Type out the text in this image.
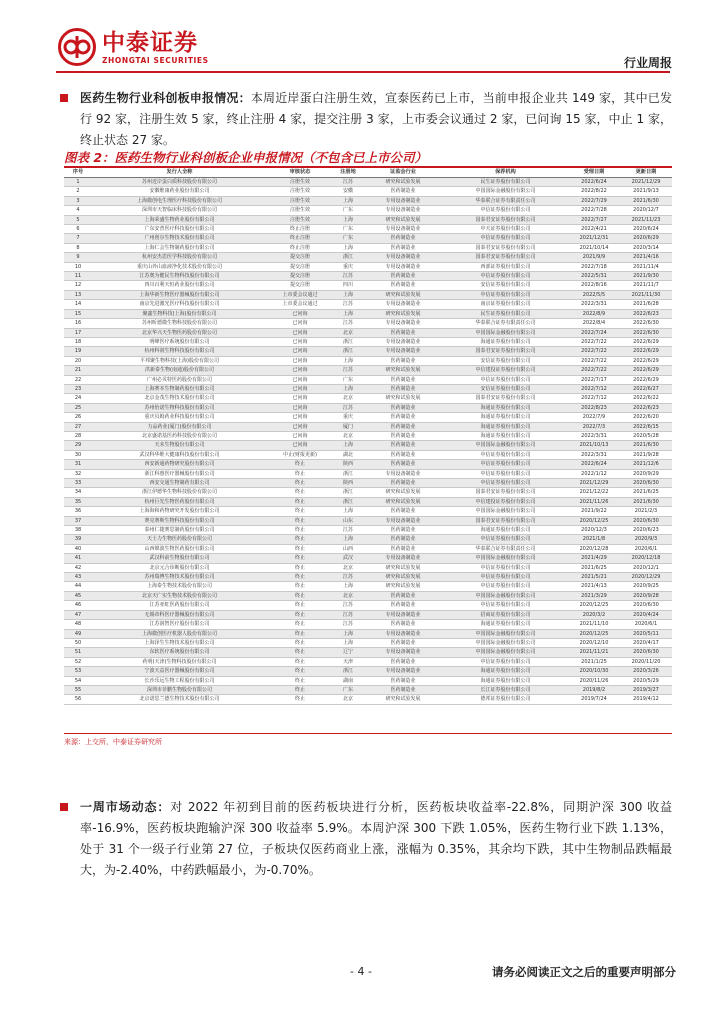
中泰证券
ZHONGTAI SECURITIES	行业周报
医药生物行业科创板申报情况：本周近岸蛋白注册生效，宣泰医药已上市，当前申报企业共 149 家，其中已发行 92 家，注册生效 5 家，终止注册 4 家，提交注册 3 家，上市委会议通过 2 家，已问询 15 家，中止 1 家，终止状态 27 家。
图表 2：医药生物行业科创板企业申报情况（不包含已上市公司）
序号	发行人全称	审核状态	注册地	证监会行业	保荐机构	受理日期	更新日期
1	苏州近岸蛋白质科技股份有限公司	注册生效	江苏	研究和试验发展	民生证券股份有限公司	2022/6/24	2021/12/29
2	安徽维康药业股份有限公司	注册生效	安徽	医药制造业	中国国际金融股份有限公司	2022/8/22	2021/9/13
3	上海微创电生理医疗科技股份有限公司	注册生效	上海	专用设备制造业	华泰联合证券有限责任公司	2022/7/29	2021/6/30
4	深圳市天智临床科技股份有限公司	注册生效	广东	专用设备制造业	中信证券股份有限公司	2022/7/28	2020/12/7
5	上海荣盛生物药业股份有限公司	注册生效	上海	研究和试验发展	国泰君安证券股份有限公司	2022/7/27	2021/11/23
6	广东安普医疗科技股份有限公司	终止注册	广东	专用设备制造业	中天证券股份有限公司	2022/4/21	2020/6/24
7	广州创尔生物技术股份有限公司	终止注册	广东	医药制造业	中信证券股份有限公司	2021/12/31	2020/6/29
8	上海仁会生物制药股份有限公司	终止注册	上海	医药制造业	国泰君安证券股份有限公司	2021/10/14	2020/3/14
9	杭州安杰思医学科技股份有限公司	提交注册	浙江	专用设备制造业	国泰君安证券股份有限公司	2021/9/9	2021/4/16
10	重庆山外山血液净化技术股份有限公司	提交注册	重庆	专用设备制造业	西部证券股份有限公司	2022/7/18	2021/11/4
11	江苏奥为健民生物科技股份有限公司	提交注册	江苏	医药制造业	中信证券股份有限公司	2022/5/31	2021/9/30
12	四川百利天恒药业股份有限公司	提交注册	四川	医药制造业	安信证券股份有限公司	2022/8/16	2021/11/7
13	上海华新生物医疗器械股份有限公司	上市委会议通过	上海	研究和试验发展	中信证券股份有限公司	2022/5/5	2021/11/30
14	南京先进激光医疗科技股份有限公司	上市委会议通过	江苏	专用设备制造业	南京证券股份有限公司	2022/3/31	2021/6/28
15	聚鑫生物科技(上海)股份有限公司	已问询	上海	研究和试验发展	民生证券股份有限公司	2022/8/9	2022/6/23
16	苏州昕德微生物科技股份有限公司	已问询	江苏	专用设备制造业	华泰联合证券有限责任公司	2022/8/4	2022/6/30
17	北京华兴天生物医药股份有限公司	已问询	北京	医药制造业	中国国际金融股份有限公司	2022/7/24	2022/6/30
18	明峰医疗系统股份有限公司	已问询	浙江	专用设备制造业	海通证券股份有限公司	2022/7/22	2022/6/29
19	杭州科润生物科技股份有限公司	已问询	浙江	专用设备制造业	国泰君安证券股份有限公司	2022/7/22	2022/6/29
20	平邦聚生物科技(上海)股份有限公司	已问询	上海	医药制造业	安信证券股份有限公司	2022/7/22	2022/6/29
21	洪新泰生物(南通)股份有限公司	已问询	江苏	研究和试验发展	中信建投证券股份有限公司	2022/7/22	2022/6/29
22	广州必贝特医药股份有限公司	已问询	广东	医药制造业	中信证券股份有限公司	2022/7/17	2022/6/29
23	上海赛本生物制药股份有限公司	已问询	上海	医药制造业	安信证券股份有限公司	2022/7/12	2022/6/27
24	北京金茂生物技术股份有限公司	已问询	北京	研究和试验发展	国泰君安证券股份有限公司	2022/7/12	2022/6/22
25	苏州怡诺生物科技股份有限公司	已问询	江苏	医药制造业	海通证券股份有限公司	2022/8/23	2022/6/23
26	重庆贝姆药业科技股份有限公司	已问询	重庆	医药制造业	海通证券股份有限公司	2022/7/9	2022/6/20
27	力品药业(厦门)股份有限公司	已问询	厦门	医药制造业	海通证券股份有限公司	2022/7/3	2022/6/15
28	北京盛诺基医药科技股份有限公司	已问询	北京	医药制造业	海通证券股份有限公司	2022/3/31	2020/5/28
29	天未生物股份有限公司	已问询	上海	医药制造业	中国国际金融股份有限公司	2021/10/13	2021/6/30
30	武汉科华维大健康科技股份有限公司	中止(财报更新)	湖北	医药制造业	中信证券股份有限公司	2022/3/31	2021/9/28
31	西安新通药物研究股份有限公司	终止	陕西	医药制造业	中信证券股份有限公司	2022/6/24	2021/12/6
32	浙江科惠医疗器械股份有限公司	终止	浙江	专用设备制造业	中信证券股份有限公司	2022/1/12	2020/9/29
33	西安交通生物制药有限公司	终止	陕西	医药制造业	中信证券股份有限公司	2021/12/29	2020/6/30
34	浙江伊德华生物科技股份有限公司	终止	浙江	研究和试验发展	国泰君安证券股份有限公司	2021/12/22	2021/6/25
35	杭州巨先生物医药股份有限公司	终止	浙江	研究和试验发展	中信建投证券股份有限公司	2021/11/26	2021/6/30
36	上海海和药物研究开发股份有限公司	终止	上海	医药制造业	中国国际金融股份有限公司	2021/9/22	2021/2/3
37	赛克赛斯生物科技股份有限公司	终止	山东	专用设备制造业	国泰君安证券股份有限公司	2020/12/25	2020/6/30
38	泰州仁捷赛思制药股份有限公司	终止	江苏	医药制造业	海通证券股份有限公司	2020/12/3	2020/6/23
39	天士力生物医药股份有限公司	终止	上海	医药制造业	中信证券股份有限公司	2021/1/8	2020/9/3
40	山西锦波生物医药股份有限公司	终止	山西	医药制造业	华泰联合证券有限责任公司	2020/12/28	2020/6/1
41	武汉科前生物股份有限公司	终止	武汉	专用设备制造业	中国国际金融股份有限公司	2021/4/29	2020/12/18
42	北京元合诊断股份有限公司	终止	北京	研究和试验发展	中信证券股份有限公司	2021/6/25	2020/12/1
43	苏州瑞博生物技术股份有限公司	终止	江苏	研究和试验发展	中信证券股份有限公司	2021/5/21	2020/12/29
44	上海泰生物技术股份有限公司	终止	上海	研究和试验发展	中信证券股份有限公司	2021/4/13	2020/9/25
45	北京天广实生物技术股份有限公司	终止	北京	医药制造业	中国国际金融股份有限公司	2021/3/29	2020/9/28
46	江苏亚虹医药股份有限公司	终止	江苏	医药制造业	中信证券股份有限公司	2020/12/25	2020/6/30
47	无锡帝科医疗器械股份有限公司	终止	江苏	专用设备制造业	招商证券股份有限公司	2020/3/2	2020/4/24
48	江苏润智医疗股份有限公司	终止	江苏	医药制造业	海通证券股份有限公司	2021/11/10	2020/6/1
49	上海微创医疗机器人股份有限公司	终止	上海	专用设备制造业	中国国际金融股份有限公司	2020/12/25	2020/5/11
50	上海泽生生物技术股份有限公司	终止	上海	医药制造业	中国国际金融股份有限公司	2020/12/10	2020/4/17
51	东软医疗系统股份有限公司	终止	辽宁	专用设备制造业	中国国际金融股份有限公司	2021/11/21	2020/6/30
52	药明(天津)生物科技股份有限公司	终止	天津	医药制造业	中信证券股份有限公司	2021/1/25	2020/11/20
53	宁波天益医疗器械股份有限公司	终止	浙江	专用设备制造业	海通证券股份有限公司	2020/10/30	2020/3/26
54	长沙乐远生物工程股份有限公司	终止	湖南	医药制造业	海通证券股份有限公司	2020/11/26	2020/5/29
55	深圳市菲鹏生物股份有限公司	终止	广东	医药制造业	长江证券股份有限公司	2019/8/2	2019/3/27
56	北京诺思兰德生物技术股份有限公司	终止	北京	研究和试验发展	德邦证券股份有限公司	2019/7/24	2019/4/12
来源：上交所，中泰证券研究所
一周市场动态：对 2022 年初到目前的医药板块进行分析，医药板块收益率-22.8%，同期沪深 300 收益率-16.9%，医药板块跑输沪深 300 收益率 5.9%。本周沪深 300 下跌 1.05%，医药生物行业下跌 1.13%，处于 31 个一级子行业第 27 位，子板块仅医药商业上涨，涨幅为 0.35%，其余均下跌，其中生物制品跌幅最大，为-2.40%，中药跌幅最小，为-0.70%。
- 4 -	请务必阅读正文之后的重要声明部分
